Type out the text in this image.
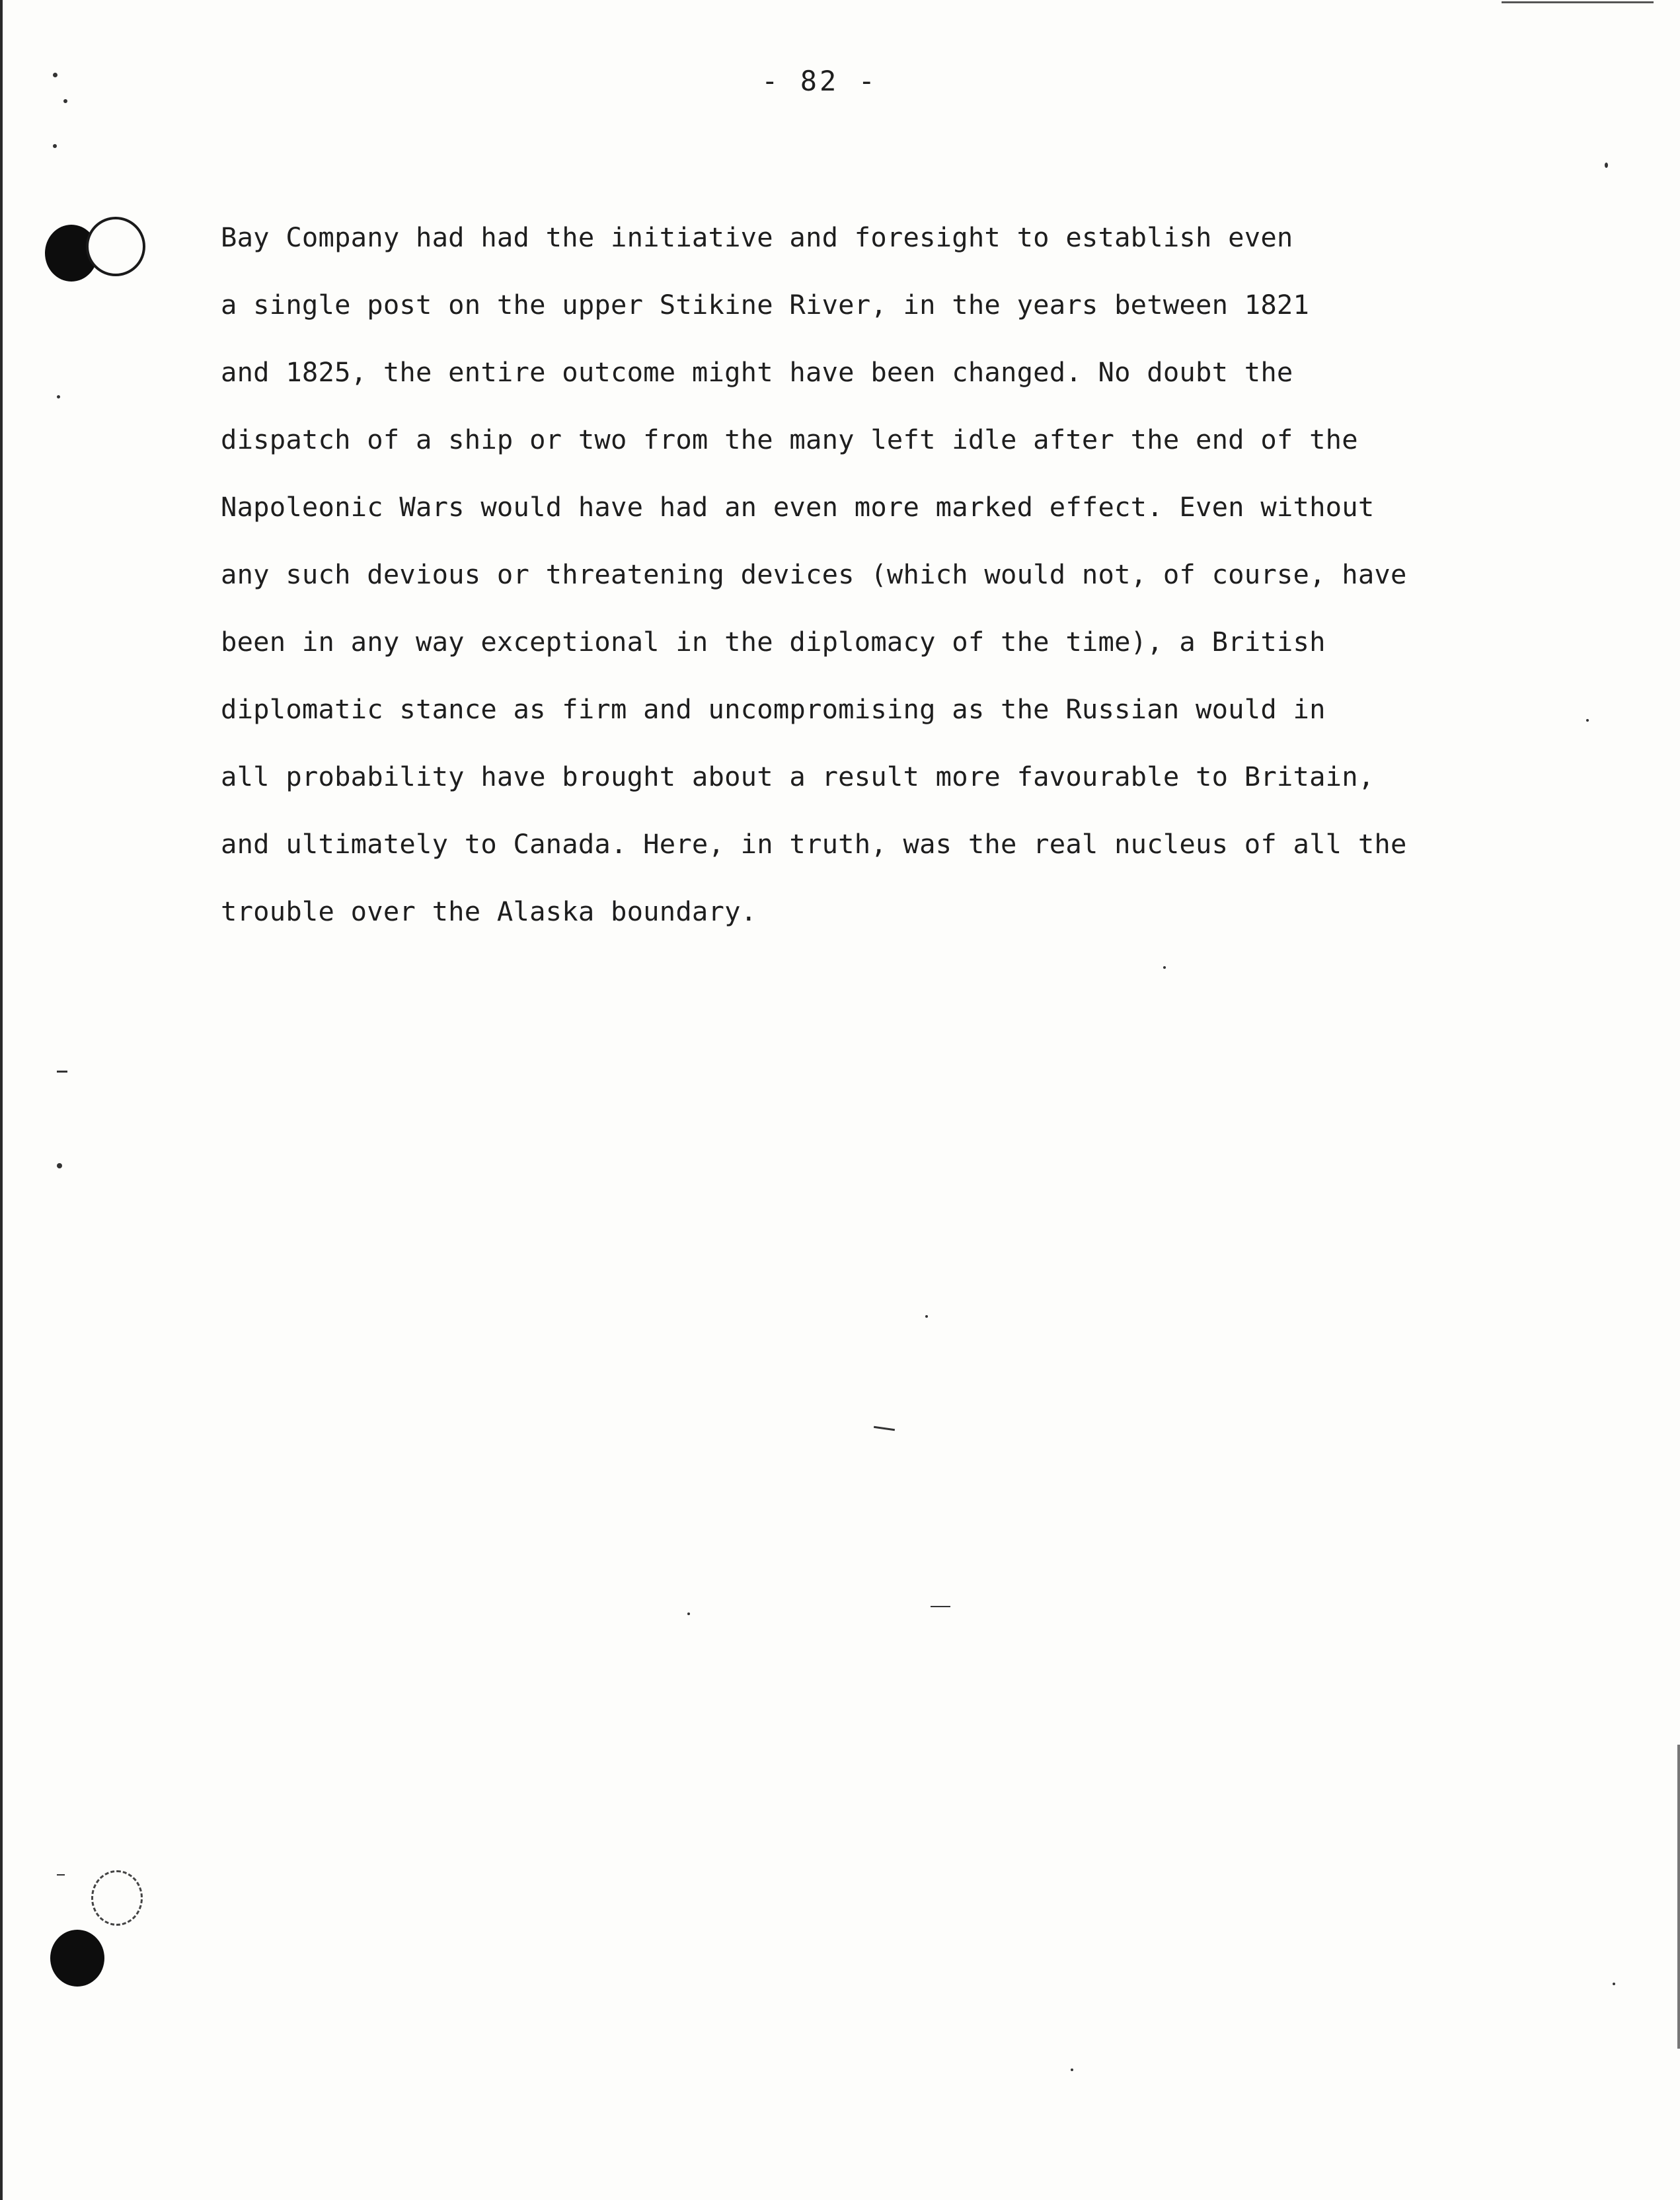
- 82 -
Bay Company had had the initiative and foresight to establish even
a single post on the upper Stikine River, in the years between 1821
and 1825, the entire outcome might have been changed. No doubt the
dispatch of a ship or two from the many left idle after the end of the
Napoleonic Wars would have had an even more marked effect. Even without
any such devious or threatening devices (which would not, of course, have
been in any way exceptional in the diplomacy of the time), a British
diplomatic stance as firm and uncompromising as the Russian would in
all probability have brought about a result more favourable to Britain,
and ultimately to Canada. Here, in truth, was the real nucleus of all the
trouble over the Alaska boundary.
